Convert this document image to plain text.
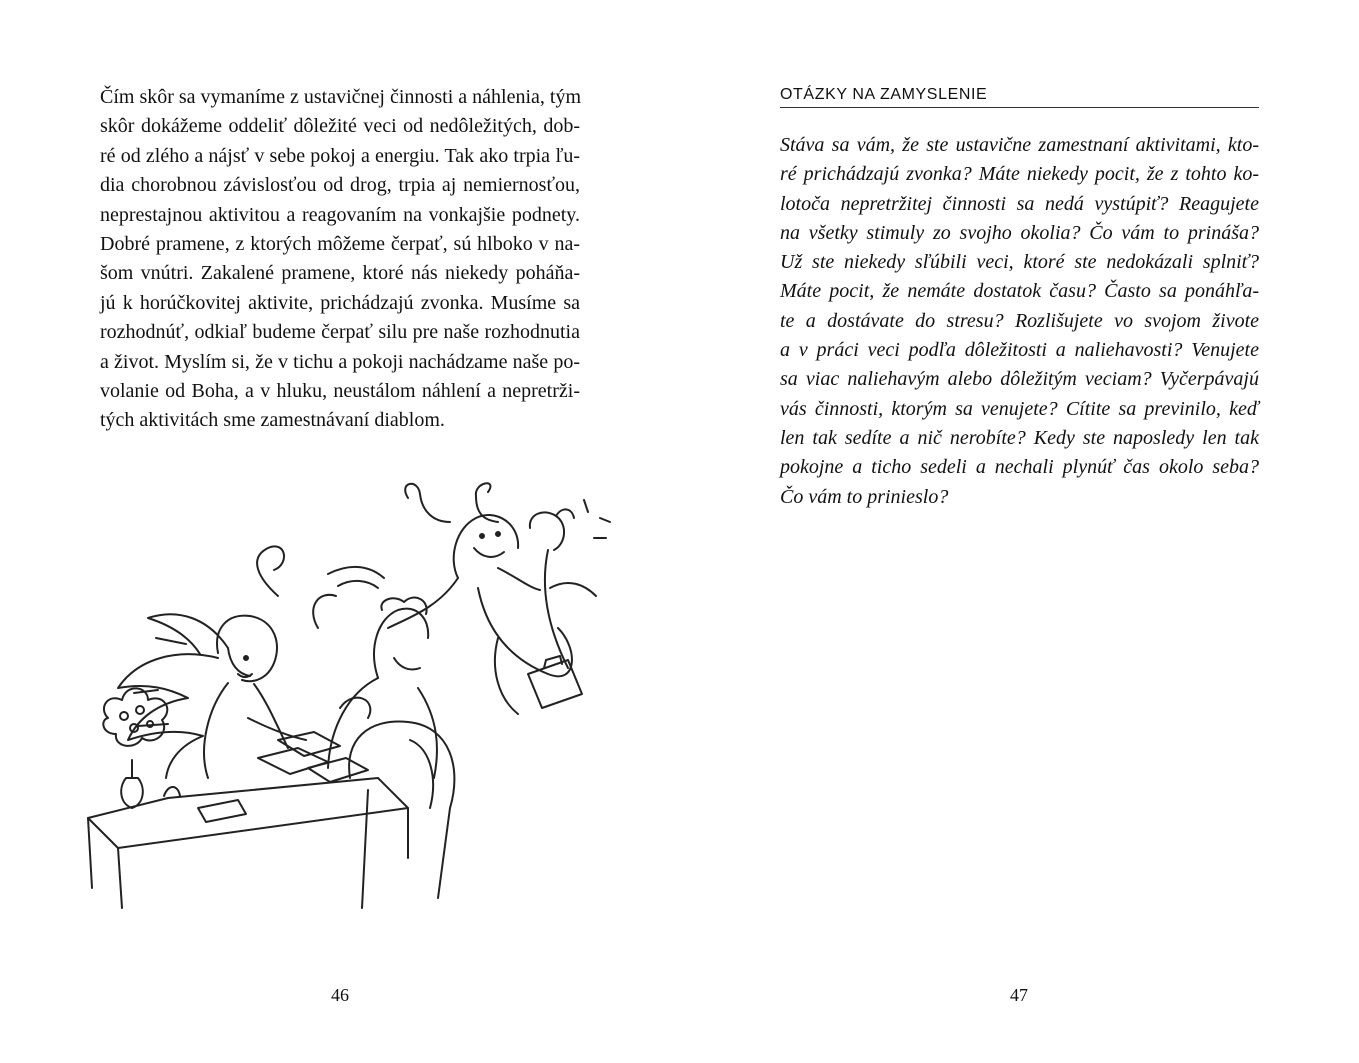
Čím skôr sa vymaníme z ustavičnej činnosti a náhlenia, tým
skôr dokážeme oddeliť dôležité veci od nedôležitých, dob-
ré od zlého a nájsť v sebe pokoj a energiu. Tak ako trpia ľu-
dia chorobnou závislosťou od drog, trpia aj nemiernosťou,
neprestajnou aktivitou a reagovaním na vonkajšie podnety.
Dobré pramene, z ktorých môžeme čerpať, sú hlboko v na-
šom vnútri. Zakalené pramene, ktoré nás niekedy poháňa-
jú k horúčkovitej aktivite, prichádzajú zvonka. Musíme sa
rozhodnúť, odkiaľ budeme čerpať silu pre naše rozhodnutia
a život. Myslím si, že v tichu a pokoji nachádzame naše po-
volanie od Boha, a v hluku, neustálom náhlení a nepretrži-
tých aktivitách sme zamestnávaní diablom.

46

OTÁZKY NA ZAMYSLENIE
Stáva sa vám, že ste ustavične zamestnaní aktivitami, kto-
ré prichádzajú zvonka? Máte niekedy pocit, že z tohto ko-
lotoča nepretržitej činnosti sa nedá vystúpiť? Reagujete
na všetky stimuly zo svojho okolia? Čo vám to prináša?
Už ste niekedy sľúbili veci, ktoré ste nedokázali splniť?
Máte pocit, že nemáte dostatok času? Často sa ponáhľa-
te a dostávate do stresu? Rozlišujete vo svojom živote
a v práci veci podľa dôležitosti a naliehavosti? Venujete
sa viac naliehavým alebo dôležitým veciam? Vyčerpávajú
vás činnosti, ktorým sa venujete? Cítite sa previnilo, keď
len tak sedíte a nič nerobíte? Kedy ste naposledy len tak
pokojne a ticho sedeli a nechali plynúť čas okolo seba?
Čo vám to prinieslo?

47
